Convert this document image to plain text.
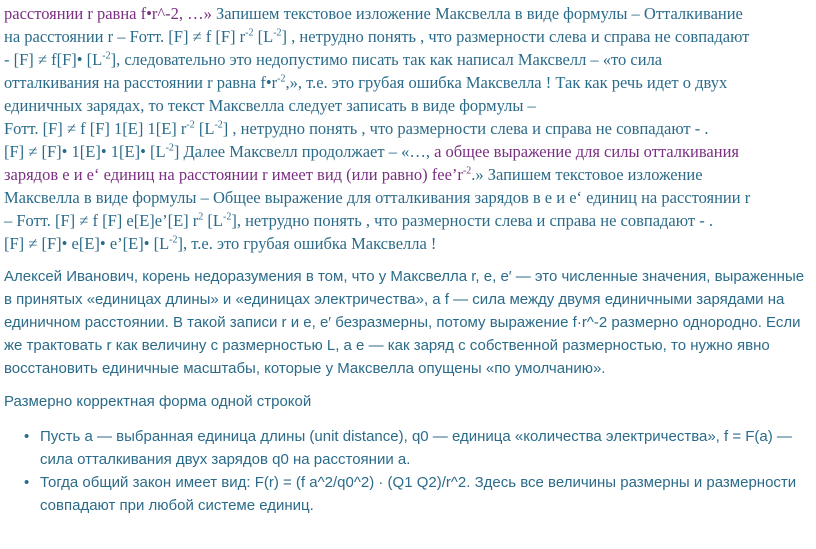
расстоянии r равна f•r^-2, …» Запишем текстовое изложение Максвелла в виде формулы – Отталкивание
на расстоянии r – Fотт. [F] ≠ f [F] $r^{-2}$ $[L^{-2}]$ , нетрудно понять , что размерности слева и справа не совпадают
- [F] ≠ f[F]• $[L^{-2}]$, следовательно это недопустимо писать так как написал Максвелл – «то сила
отталкивания на расстоянии r равна $f•r^{-2}$,», т.е. это грубая ошибка Максвелла ! Так как речь идет о двух
единичных зарядах, то текст Максвелла следует записать в виде формулы –
Fотт. [F] ≠ f [F] 1[E] 1[E] $r^{-2}$ $[L^{-2}]$ , нетрудно понять , что размерности слева и справа не совпадают - .
[F] ≠ [F]• 1[E]• 1[E]• $[L^{-2}]$ Далее Максвелл продолжает – «…, а общее выражение для силы отталкивания
зарядов е и е‘ единиц на расстоянии r имеет вид (или равно) $fee’r^{-2}$.» Запишем текстовое изложение
Максвелла в виде формулы – Общее выражение для отталкивания зарядов в е и е‘ единиц на расстоянии r
– Fотт. [F] ≠ f [F] e[E]e’[E] $r^2$ $[L^{-2}]$, нетрудно понять , что размерности слева и справа не совпадают - .
[F] ≠ [F]• e[E]• e’[E]• $[L^{-2}]$, т.е. это грубая ошибка Максвелла !

Алексей Иванович, корень недоразумения в том, что у Максвелла r, e, e′ — это численные значения, выраженные в принятых «единицах длины» и «единицах электричества», а f — сила между двумя единичными зарядами на единичном расстоянии. В такой записи r и e, e′ безразмерны, потому выражение f·r^-2 размерно однородно. Если же трактовать r как величину с размерностью L, а e — как заряд с собственной размерностью, то нужно явно восстановить единичные масштабы, которые у Максвелла опущены «по умолчанию».

Размерно корректная форма одной строкой

• Пусть a — выбранная единица длины (unit distance), q0 — единица «количества электричества», f = F(a) — сила отталкивания двух зарядов q0 на расстоянии a.
• Тогда общий закон имеет вид: F(r) = (f a^2/q0^2) · (Q1 Q2)/r^2. Здесь все величины размерны и размерности совпадают при любой системе единиц.
